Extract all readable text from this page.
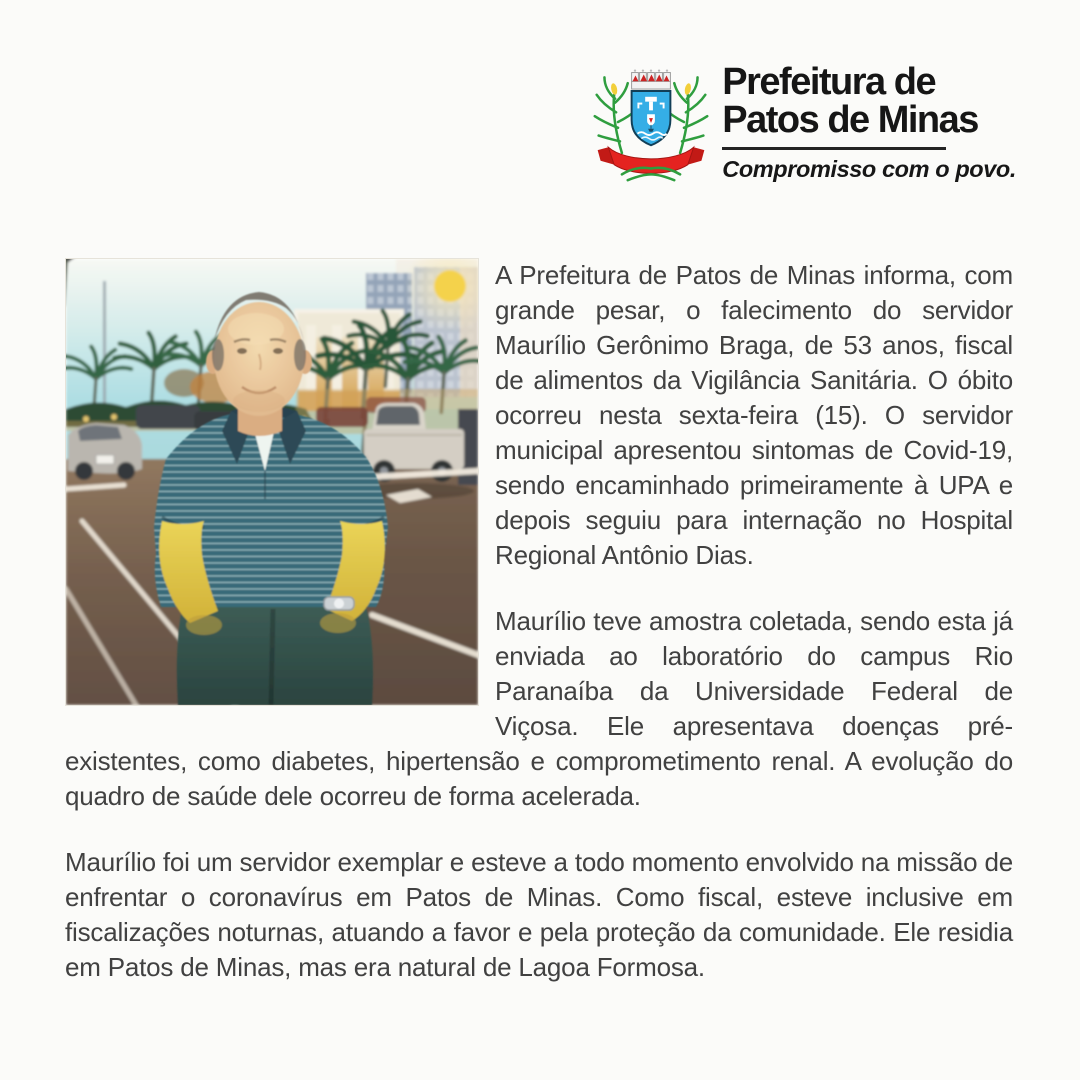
Prefeitura de
Patos de Minas
Compromisso com o povo.

A Prefeitura de Patos de Minas informa, com grande pesar, o falecimento do servidor Maurílio Gerônimo Braga, de 53 anos, fiscal de alimentos da Vigilância Sanitária. O óbito ocorreu nesta sexta-feira (15). O servidor municipal apresentou sintomas de Covid-19, sendo encaminhado primeiramente à UPA e depois seguiu para internação no Hospital Regional Antônio Dias.

Maurílio teve amostra coletada, sendo esta já enviada ao laboratório do campus Rio Paranaíba da Universidade Federal de Viçosa. Ele apresentava doenças pré-existentes, como diabetes, hipertensão e comprometimento renal. A evolução do quadro de saúde dele ocorreu de forma acelerada.

Maurílio foi um servidor exemplar e esteve a todo momento envolvido na missão de enfrentar o coronavírus em Patos de Minas. Como fiscal, esteve inclusive em fiscalizações noturnas, atuando a favor e pela proteção da comunidade. Ele residia em Patos de Minas, mas era natural de Lagoa Formosa.
